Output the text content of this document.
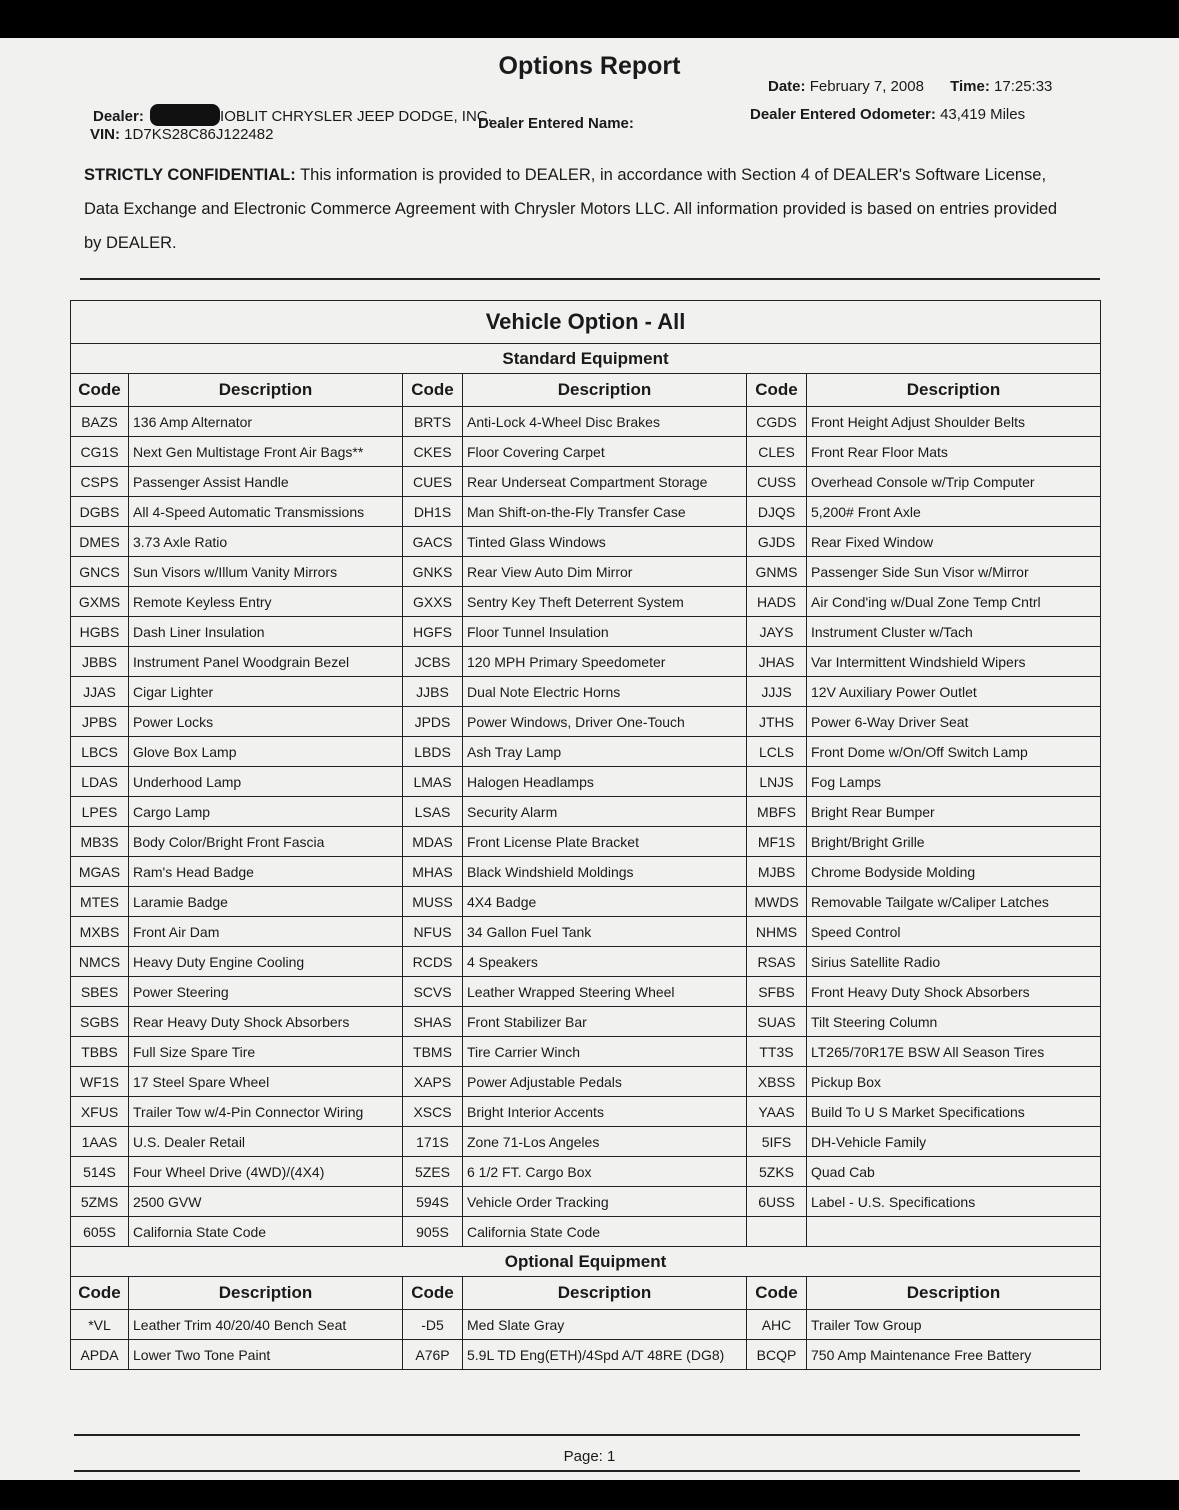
Options Report
Dealer:	IOBLIT CHRYSLER JEEP DODGE, INC.
VIN: 1D7KS28C86J122482
Dealer Entered Name:
Date: February 7, 2008 Time: 17:25:33
Dealer Entered Odometer: 43,419 Miles
STRICTLY CONFIDENTIAL: This information is provided to DEALER, in accordance with Section 4 of DEALER's Software License, Data Exchange and Electronic Commerce Agreement with Chrysler Motors LLC. All information provided is based on entries provided by DEALER.
Vehicle Option - All					
Standard Equipment					
Code	Description	Code	Description	Code	Description
BAZS	136 Amp Alternator	BRTS	Anti-Lock 4-Wheel Disc Brakes	CGDS	Front Height Adjust Shoulder Belts
CG1S	Next Gen Multistage Front Air Bags**	CKES	Floor Covering Carpet	CLES	Front Rear Floor Mats
CSPS	Passenger Assist Handle	CUES	Rear Underseat Compartment Storage	CUSS	Overhead Console w/Trip Computer
DGBS	All 4-Speed Automatic Transmissions	DH1S	Man Shift-on-the-Fly Transfer Case	DJQS	5,200# Front Axle
DMES	3.73 Axle Ratio	GACS	Tinted Glass Windows	GJDS	Rear Fixed Window
GNCS	Sun Visors w/Illum Vanity Mirrors	GNKS	Rear View Auto Dim Mirror	GNMS	Passenger Side Sun Visor w/Mirror
GXMS	Remote Keyless Entry	GXXS	Sentry Key Theft Deterrent System	HADS	Air Cond'ing w/Dual Zone Temp Cntrl
HGBS	Dash Liner Insulation	HGFS	Floor Tunnel Insulation	JAYS	Instrument Cluster w/Tach
JBBS	Instrument Panel Woodgrain Bezel	JCBS	120 MPH Primary Speedometer	JHAS	Var Intermittent Windshield Wipers
JJAS	Cigar Lighter	JJBS	Dual Note Electric Horns	JJJS	12V Auxiliary Power Outlet
JPBS	Power Locks	JPDS	Power Windows, Driver One-Touch	JTHS	Power 6-Way Driver Seat
LBCS	Glove Box Lamp	LBDS	Ash Tray Lamp	LCLS	Front Dome w/On/Off Switch Lamp
LDAS	Underhood Lamp	LMAS	Halogen Headlamps	LNJS	Fog Lamps
LPES	Cargo Lamp	LSAS	Security Alarm	MBFS	Bright Rear Bumper
MB3S	Body Color/Bright Front Fascia	MDAS	Front License Plate Bracket	MF1S	Bright/Bright Grille
MGAS	Ram's Head Badge	MHAS	Black Windshield Moldings	MJBS	Chrome Bodyside Molding
MTES	Laramie Badge	MUSS	4X4 Badge	MWDS	Removable Tailgate w/Caliper Latches
MXBS	Front Air Dam	NFUS	34 Gallon Fuel Tank	NHMS	Speed Control
NMCS	Heavy Duty Engine Cooling	RCDS	4 Speakers	RSAS	Sirius Satellite Radio
SBES	Power Steering	SCVS	Leather Wrapped Steering Wheel	SFBS	Front Heavy Duty Shock Absorbers
SGBS	Rear Heavy Duty Shock Absorbers	SHAS	Front Stabilizer Bar	SUAS	Tilt Steering Column
TBBS	Full Size Spare Tire	TBMS	Tire Carrier Winch	TT3S	LT265/70R17E BSW All Season Tires
WF1S	17 Steel Spare Wheel	XAPS	Power Adjustable Pedals	XBSS	Pickup Box
XFUS	Trailer Tow w/4-Pin Connector Wiring	XSCS	Bright Interior Accents	YAAS	Build To U S Market Specifications
1AAS	U.S. Dealer Retail	171S	Zone 71-Los Angeles	5IFS	DH-Vehicle Family
514S	Four Wheel Drive (4WD)/(4X4)	5ZES	6 1/2 FT. Cargo Box	5ZKS	Quad Cab
5ZMS	2500 GVW	594S	Vehicle Order Tracking	6USS	Label - U.S. Specifications
605S	California State Code	905S	California State Code		
Optional Equipment					
Code	Description	Code	Description	Code	Description
*VL	Leather Trim 40/20/40 Bench Seat	-D5	Med Slate Gray	AHC	Trailer Tow Group
APDA	Lower Two Tone Paint	A76P	5.9L TD Eng(ETH)/4Spd A/T 48RE (DG8)	BCQP	750 Amp Maintenance Free Battery
Page: 1
